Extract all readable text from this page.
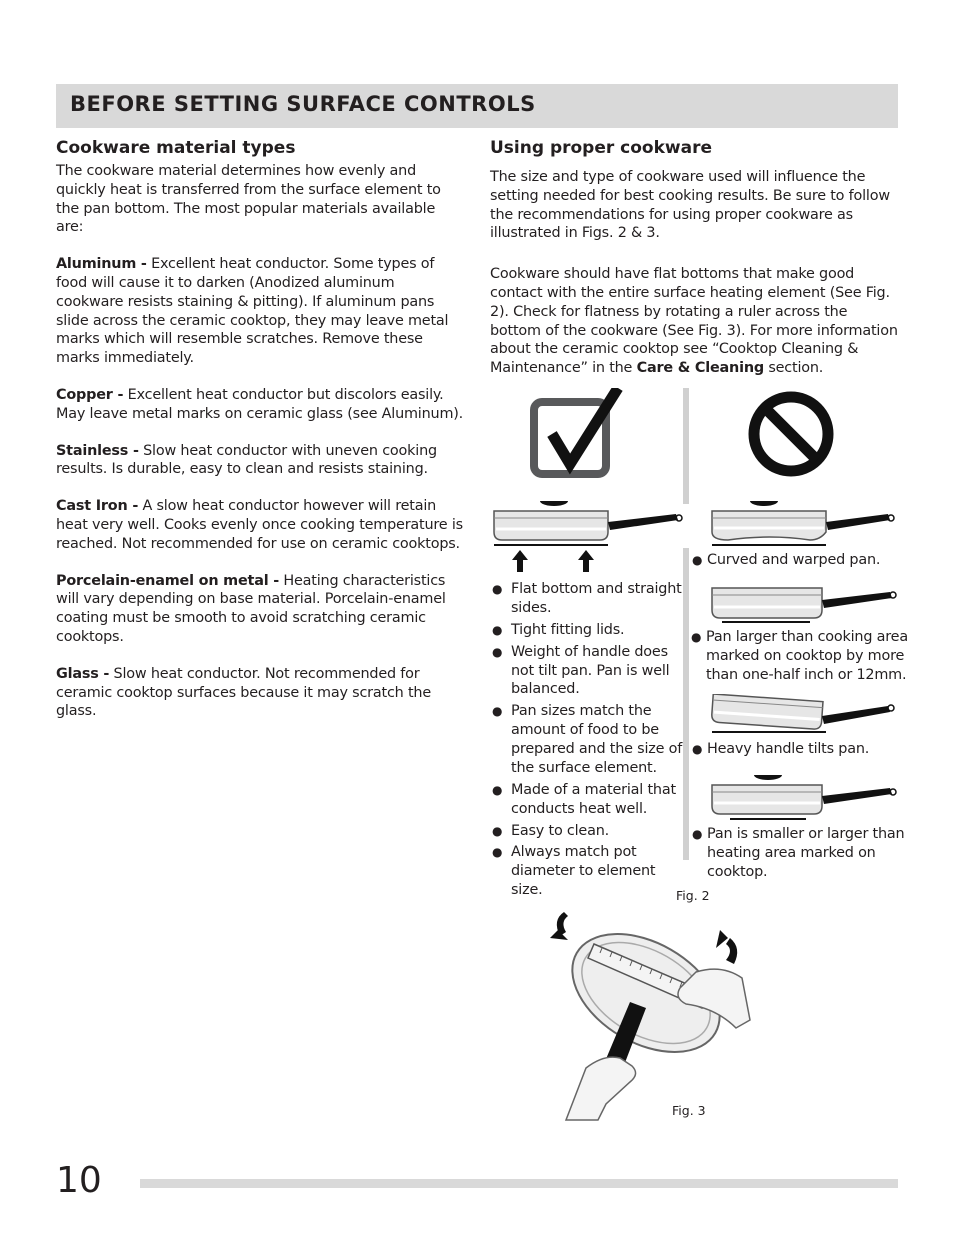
BEFORE SETTING SURFACE CONTROLS
Cookware material types

The cookware material determines how evenly and quickly heat is transferred from the surface element to the pan bottom. The most popular materials available are:

Aluminum - Excellent heat conductor. Some types of food will cause it to darken (Anodized aluminum cookware resists staining & pitting). If aluminum pans slide across the ceramic cooktop, they may leave metal marks which will resemble scratches. Remove these marks immediately.

Copper - Excellent heat conductor but discolors easily. May leave metal marks on ceramic glass (see Aluminum).

Stainless - Slow heat conductor with uneven cooking results. Is durable, easy to clean and resists staining.

Cast Iron - A slow heat conductor however will retain heat very well. Cooks evenly once cooking temperature is reached. Not recommended for use on ceramic cooktops.

Porcelain-enamel on metal - Heating characteristics will vary depending on base material. Porcelain-enamel coating must be smooth to avoid scratching ceramic cooktops.

Glass - Slow heat conductor. Not recommended for ceramic cooktop surfaces because it may scratch the glass.

Using proper cookware

The size and type of cookware used will influence the setting needed for best cooking results. Be sure to follow the recommendations for using proper cookware as illustrated in Figs. 2 & 3.

Cookware should have flat bottoms that make good contact with the entire surface heating element (See Fig. 2). Check for flatness by rotating a ruler across the bottom of the cookware (See Fig. 3). For more information about the ceramic cooktop see “Cooktop Cleaning & Maintenance” in the Care & Cleaning section.

● Flat bottom and straight sides.
● Tight fitting lids.
● Weight of handle does not tilt pan. Pan is well balanced.
● Pan sizes match the amount of food to be prepared and the size of the surface element.
● Made of a material that conducts heat well.
● Easy to clean.
● Always match pot diameter to element size.
● Curved and warped pan.
● Pan larger than cooking area marked on cooktop by more than one-half inch or 12mm.
● Heavy handle tilts pan.
● Pan is smaller or larger than heating area marked on cooktop.
Fig. 2
Fig. 3
10
